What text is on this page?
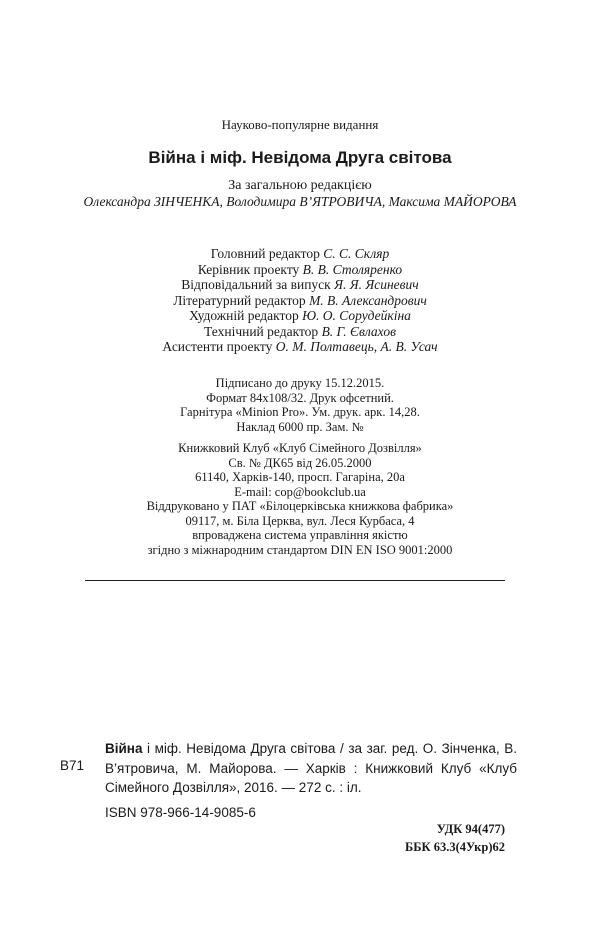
Науково-популярне видання
Війна і міф. Невідома Друга світова
За загальною редакцією
Олександра ЗІНЧЕНКА, Володимира В’ЯТРОВИЧА, Максима МАЙОРОВА
Головний редактор С. С. Скляр
Керівник проекту В. В. Столяренко
Відповідальний за випуск Я. Я. Ясиневич
Літературний редактор М. В. Александрович
Художній редактор Ю. О. Сорудейкіна
Технічний редактор В. Г. Євлахов
Асистенти проекту О. М. Полтавець, А. В. Усач
Підписано до друку 15.12.2015.
Формат 84х108/32. Друк офсетний.
Гарнітура «Minion Pro». Ум. друк. арк. 14,28.
Наклад 6000 пр. Зам. №
Книжковий Клуб «Клуб Сімейного Дозвілля»
Св. № ДК65 від 26.05.2000
61140, Харків-140, просп. Гагаріна, 20а
E-mail: cop@bookclub.ua
Віддруковано у ПАТ «Білоцерківська книжкова фабрика»
09117, м. Біла Церква, вул. Леся Курбаса, 4
впроваджена система управління якістю
згідно з міжнародним стандартом DIN EN ISO 9001:2000
В71
Війна і міф. Невідома Друга світова / за заг. ред. О. Зінченка, В. В’ятровича, М. Майорова. — Харків : Книжковий Клуб «Клуб Сімейного Дозвілля», 2016. — 272 с. : іл.
ISBN 978-966-14-9085-6
УДК 94(477)
ББК 63.3(4Укр)62
